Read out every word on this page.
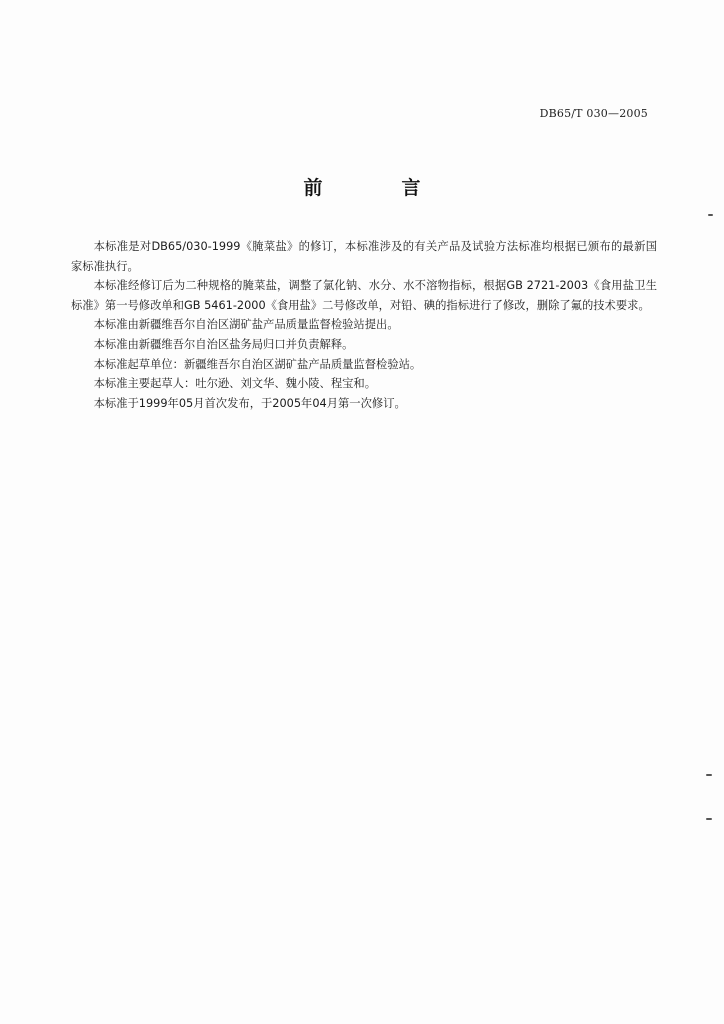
DB65/T 030—2005
前　言

本标准是对DB65/030-1999《腌菜盐》的修订，本标准涉及的有关产品及试验方法标准均根据已颁布的最新国家标准执行。

本标准经修订后为二种规格的腌菜盐，调整了氯化钠、水分、水不溶物指标，根据GB 2721-2003《食用盐卫生标准》第一号修改单和GB 5461-2000《食用盐》二号修改单，对铅、碘的指标进行了修改，删除了氟的技术要求。

本标准由新疆维吾尔自治区湖矿盐产品质量监督检验站提出。

本标准由新疆维吾尔自治区盐务局归口并负责解释。

本标准起草单位：新疆维吾尔自治区湖矿盐产品质量监督检验站。

本标准主要起草人：吐尔逊、刘文华、魏小陵、程宝和。

本标准于1999年05月首次发布，于2005年04月第一次修订。
